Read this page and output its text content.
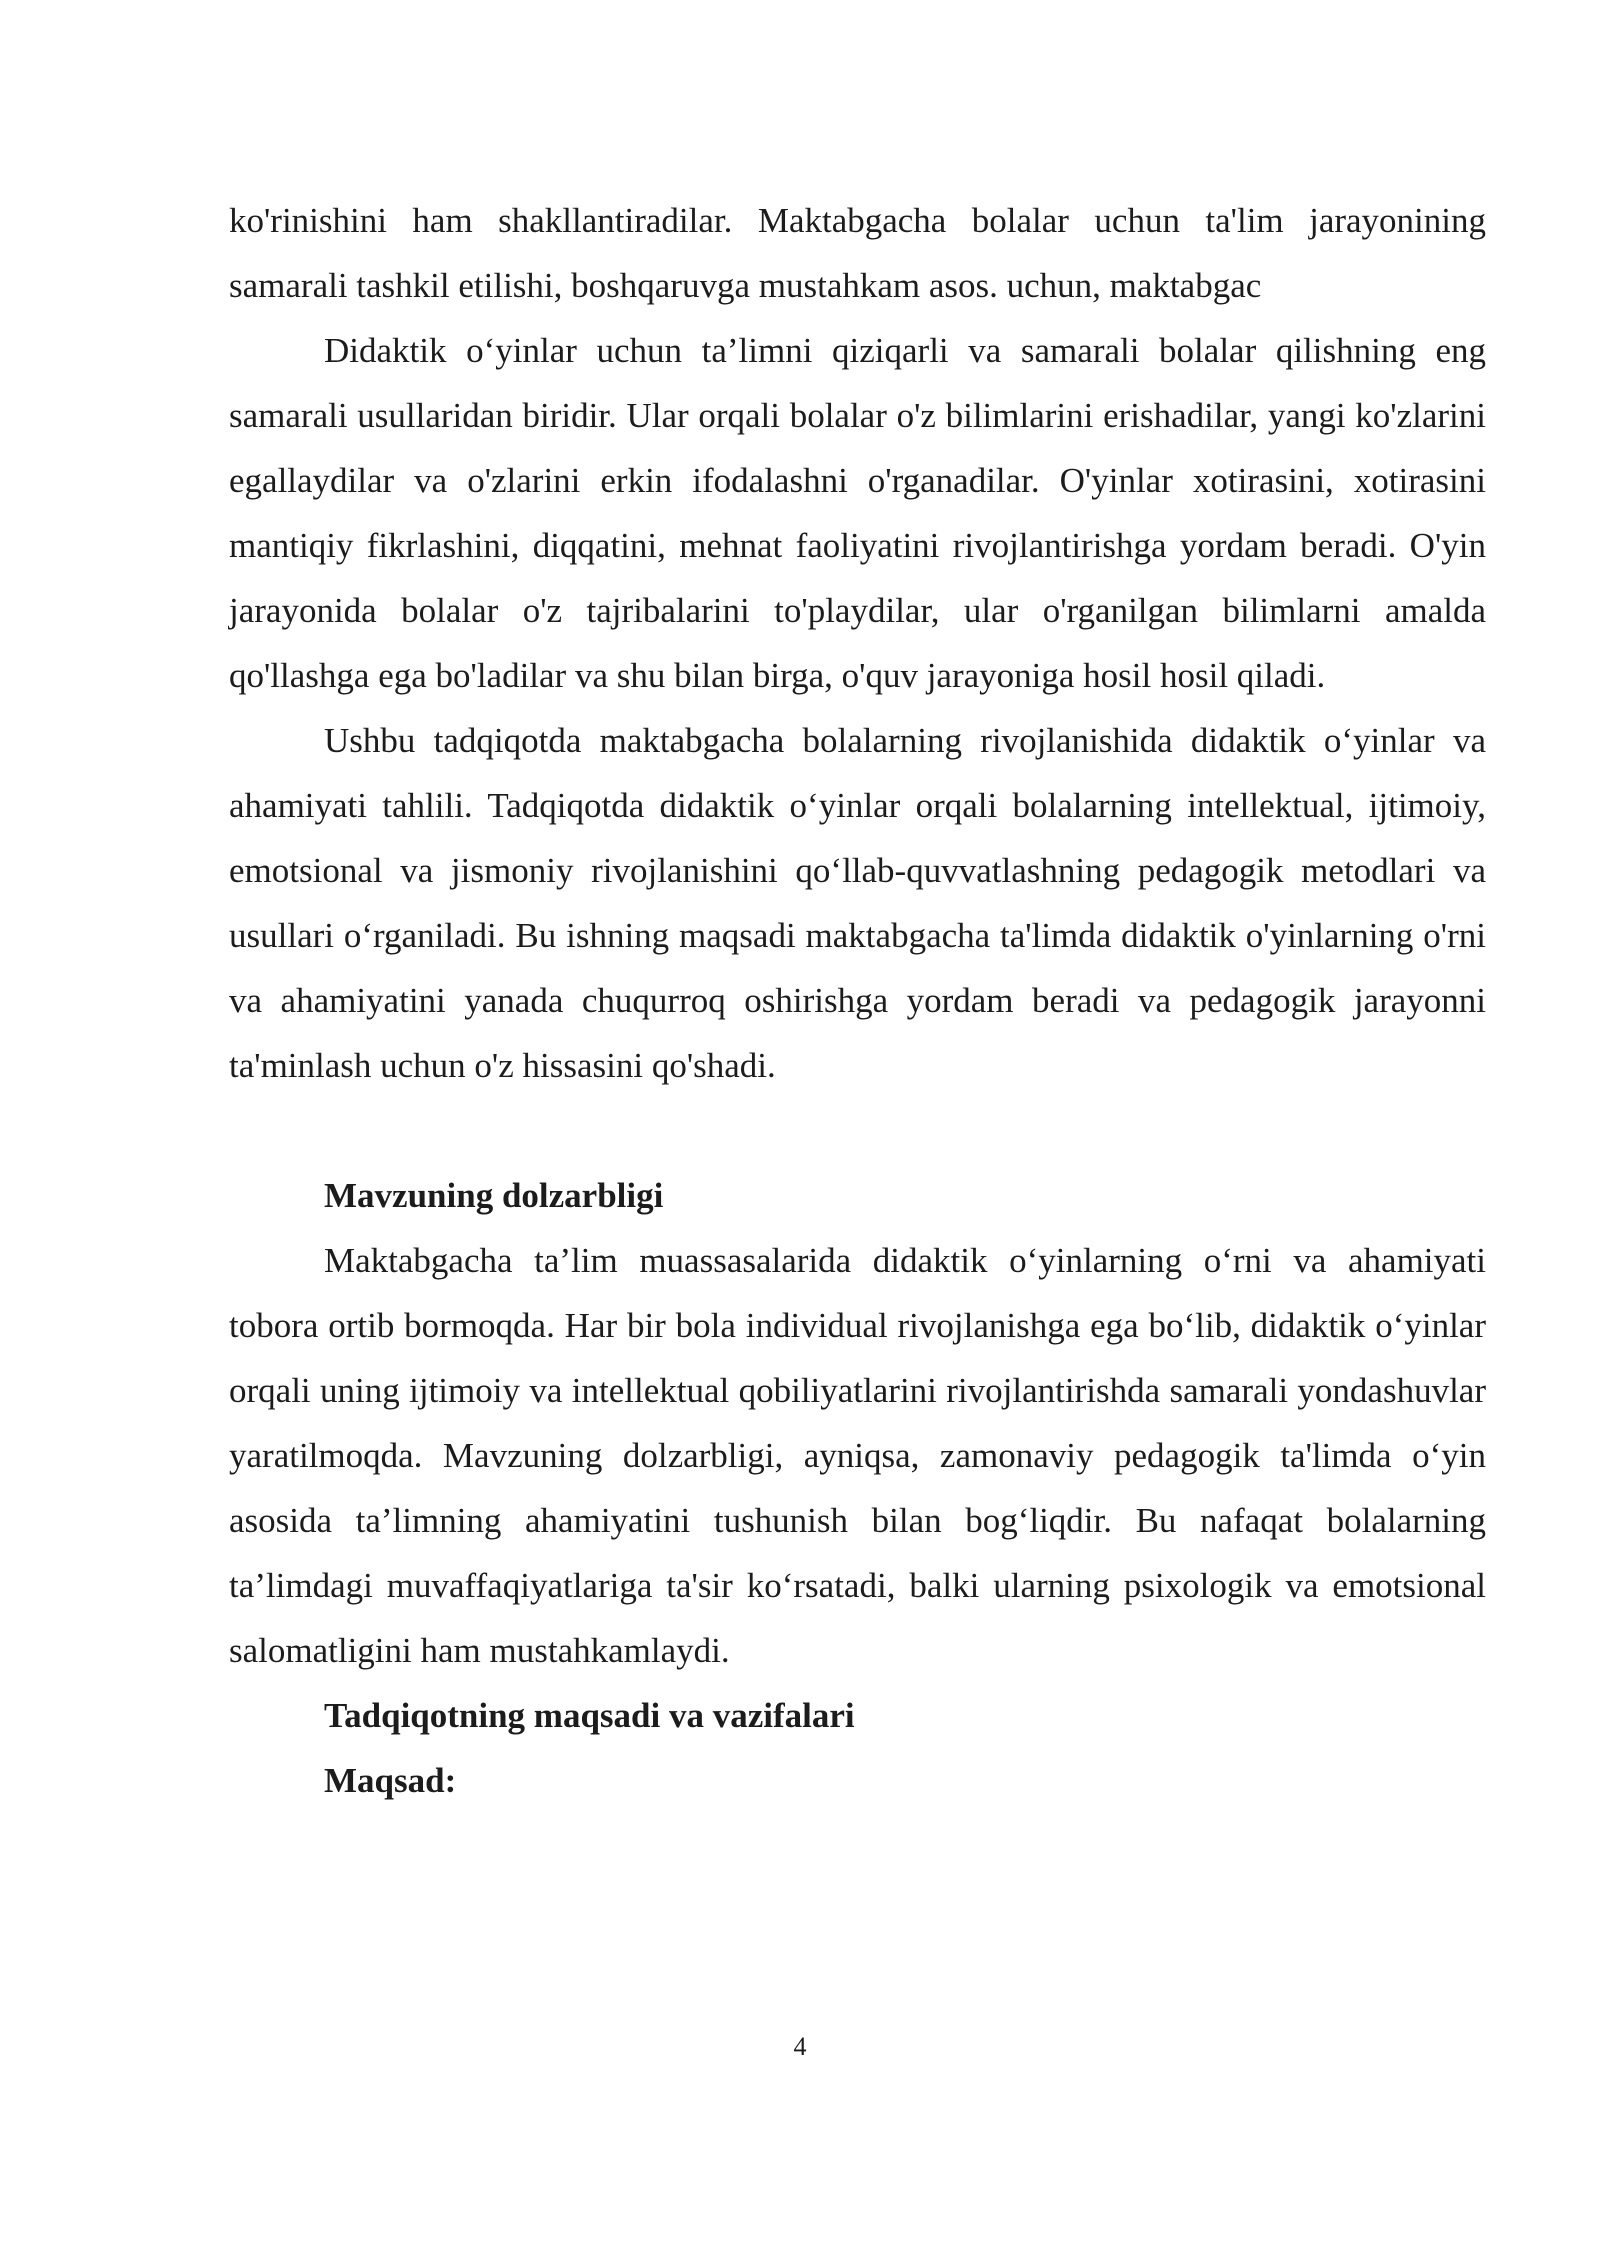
ko'rinishini ham shakllantiradilar. Maktabgacha bolalar uchun ta'lim jarayonining samarali tashkil etilishi, boshqaruvga mustahkam asos. uchun, maktabgac

Didaktik o‘yinlar uchun ta’limni qiziqarli va samarali bolalar qilishning eng samarali usullaridan biridir. Ular orqali bolalar o'z bilimlarini erishadilar, yangi ko'zlarini egallaydilar va o'zlarini erkin ifodalashni o'rganadilar. O'yinlar xotirasini, xotirasini mantiqiy fikrlashini, diqqatini, mehnat faoliyatini rivojlantirishga yordam beradi. O'yin jarayonida bolalar o'z tajribalarini to'playdilar, ular o'rganilgan bilimlarni amalda qo'llashga ega bo'ladilar va shu bilan birga, o'quv jarayoniga hosil hosil qiladi.

Ushbu tadqiqotda maktabgacha bolalarning rivojlanishida didaktik o‘yinlar va ahamiyati tahlili. Tadqiqotda didaktik o‘yinlar orqali bolalarning intellektual, ijtimoiy, emotsional va jismoniy rivojlanishini qo‘llab-quvvatlashning pedagogik metodlari va usullari o‘rganiladi. Bu ishning maqsadi maktabgacha ta'limda didaktik o'yinlarning o'rni va ahamiyatini yanada chuqurroq oshirishga yordam beradi va pedagogik jarayonni ta'minlash uchun o'z hissasini qo'shadi.

Mavzuning dolzarbligi

Maktabgacha ta’lim muassasalarida didaktik o‘yinlarning o‘rni va ahamiyati tobora ortib bormoqda. Har bir bola individual rivojlanishga ega bo‘lib, didaktik o‘yinlar orqali uning ijtimoiy va intellektual qobiliyatlarini rivojlantirishda samarali yondashuvlar yaratilmoqda. Mavzuning dolzarbligi, ayniqsa, zamonaviy pedagogik ta'limda o‘yin asosida ta’limning ahamiyatini tushunish bilan bog‘liqdir. Bu nafaqat bolalarning ta’limdagi muvaffaqiyatlariga ta'sir ko‘rsatadi, balki ularning psixologik va emotsional salomatligini ham mustahkamlaydi.

Tadqiqotning maqsadi va vazifalari

Maqsad:

4
